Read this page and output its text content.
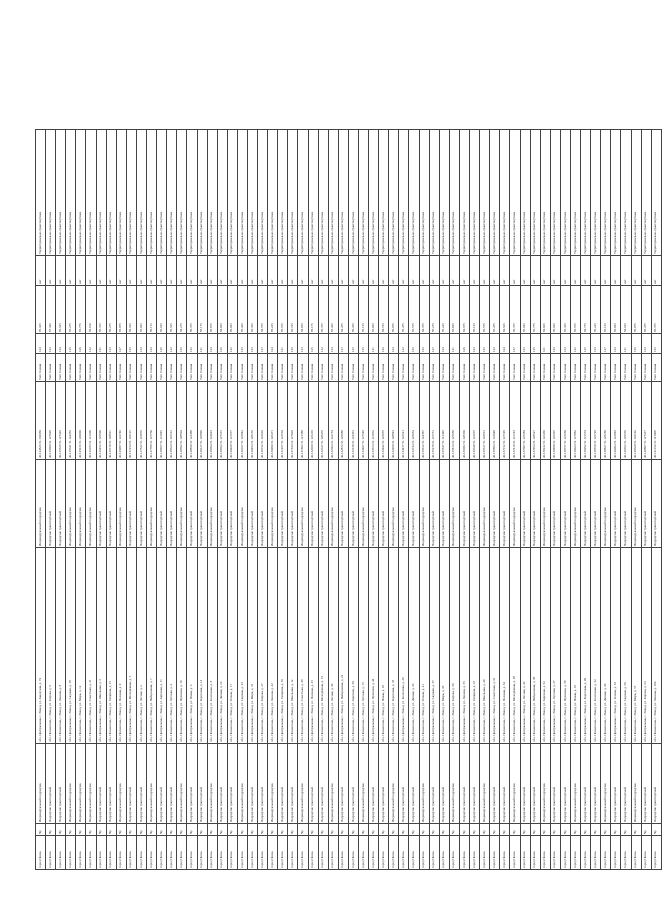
город Пенза	Чр	Индивидуальный подрядчик	обл. Центральная, с. Взвод, ул. Заводская, д. 74	Индивидуальный подрядчик	40.124826 51.136959	Тип: тонная	123	85.325	нет	Территориально-транспортные
город Пенза	Чр	Подрядчик транспортный	обл. Пензенская, с. Взвод, ул. Кирова, д. 6	Подрядчик транспортный	40.125000 51.127020	Тип: тонная	123	87.345	нет	Территориально-транспортные
город Пенза	Чр	Подрядчик транспортный	обл. Пензенская, с. Взвод, ул. Ленина, д. 8	Подрядчик транспортный	40.125526 51.127426	Тип: тонная	124	85.525	нет	Территориально-транспортные
город Пенза	Чр	Индивидуальный подрядчик	обл. Центральная, с. Взвод, ул. Садовая, д. 18	Индивидуальный подрядчик	40.125641 51.124355	Тип: тонная	125	83.275	нет	Территориально-транспортные
город Пенза	Чр	Индивидуальный подрядчик	обл. Пензенская, с. Взвод, ул. Мира, д. 12	Индивидуальный подрядчик	40.125916 51.129000	Тип: тонная	126	83.775	нет	Территориально-транспортные
город Пенза	Чр	Индивидуальный подрядчик	обл. Пензенская, с. Взвод, ул. Советская, д. 21	Индивидуальный подрядчик	40.126183 51.121200	Тип: тонная	122	84.100	нет	Территориально-транспортные
город Пенза	Чр	Подрядчик транспортный	обл. Центральная, с. Взвод, ул. Школьная, д. 3	Подрядчик транспортный	40.126452 51.125500	Тип: тонная	121	85.315	нет	Территориально-транспортные
город Пенза	Чр	Подрядчик транспортный	обл. Пензенская, с. Взвод, ул. Гагарина, д. 15	Подрядчик транспортный	40.126719 51.128011	Тип: тонная	123	86.275	нет	Территориально-транспортные
город Пенза	Чр	Индивидуальный подрядчик	обл. Пензенская, с. Взвод, ул. Полевая, д. 9	Индивидуальный подрядчик	40.126987 51.122740	Тип: тонная	127	83.975	нет	Территориально-транспортные
город Пенза	Чр	Подрядчик транспортный	обл. Центральная, с. Взвод, ул. Молодёжная, д. 5	Подрядчик транспортный	40.127254 51.126115	Тип: тонная	125	84.625	нет	Территориально-транспортные
город Пенза	Чр	Подрядчик транспортный	обл. Пензенская, с. Взвод, ул. Лесная, д. 2	Подрядчик транспортный	40.127522 51.123870	Тип: тонная	123	85.025	нет	Территориально-транспортные
город Пенза	Чр	Индивидуальный подрядчик	обл. Пензенская, с. Взвод, ул. Набережная, д. 7	Индивидуальный подрядчик	40.127789 51.127760	Тип: тонная	124	86.115	нет	Территориально-транспортные
город Пенза	Чр	Подрядчик транспортный	обл. Центральная, с. Взвод, ул. Заречная, д. 11	Подрядчик транспортный	40.128057 51.121945	Тип: тонная	126	83.625	нет	Территориально-транспортные
город Пенза	Чр	Подрядчик транспортный	обл. Пензенская, с. Взвод, ул. Луговая, д. 4	Подрядчик транспортный	40.128324 51.125312	Тип: тонная	122	85.525	нет	Территориально-транспортные
город Пенза	Чр	Индивидуальный подрядчик	обл. Пензенская, с. Взвод, ул. Пушкина, д. 19	Индивидуальный подрядчик	40.128592 51.128604	Тип: тонная	125	84.275	нет	Территориально-транспортные
город Пенза	Чр	Подрядчик транспортный	обл. Центральная, с. Взвод, ул. Новая, д. 6	Подрядчик транспортный	40.128859 51.122488	Тип: тонная	123	86.375	нет	Территориально-транспортные
город Пенза	Чр	Подрядчик транспортный	обл. Пензенская, с. Взвод, ул. Береговая, д. 14	Подрядчик транспортный	40.129127 51.126890	Тип: тонная	121	85.175	нет	Территориально-транспортные
город Пенза	Чр	Индивидуальный подрядчик	обл. Пензенская, с. Взвод, ул. Колхозная, д. 8	Индивидуальный подрядчик	40.129394 51.124023	Тип: тонная	124	83.875	нет	Территориально-транспортные
город Пенза	Чр	Подрядчик транспортный	обл. Центральная, с. Взвод, ул. Дачная, д. 10	Подрядчик транспортный	40.129662 51.127315	Тип: тонная	126	84.925	нет	Территориально-транспортные
город Пенза	Чр	Подрядчик транспортный	обл. Пензенская, с. Взвод, ул. Речная, д. 17	Подрядчик транспортный	40.129929 51.121677	Тип: тонная	122	86.025	нет	Территориально-транспортные
город Пенза	Чр	Индивидуальный подрядчик	обл. Пензенская, с. Взвод, ул. Садовая, д. 23	Индивидуальный подрядчик	40.130197 51.125842	Тип: тонная	125	85.425	нет	Территориально-транспортные
город Пенза	Чр	Подрядчик транспортный	обл. Центральная, с. Взвод, ул. Мира, д. 31	Подрядчик транспортный	40.130464 51.128135	Тип: тонная	123	83.325	нет	Территориально-транспортные
город Пенза	Чр	Подрядчик транспортный	обл. Пензенская, с. Взвод, ул. Кирова, д. 27	Подрядчик транспортный	40.130732 51.122910	Тип: тонная	127	84.575	нет	Территориально-транспортные
город Пенза	Чр	Индивидуальный подрядчик	обл. Пензенская, с. Взвод, ул. Ленина, д. 42	Индивидуальный подрядчик	40.130999 51.126471	Тип: тонная	124	86.225	нет	Территориально-транспортные
город Пенза	Чр	Подрядчик транспортный	обл. Центральная, с. Взвод, ул. Гагарина, д. 36	Подрядчик транспортный	40.131267 51.123564	Тип: тонная	121	85.675	нет	Территориально-транспортные
город Пенза	Чр	Подрядчик транспортный	обл. Пензенская, с. Взвод, ул. Школьная, д. 12	Подрядчик транспортный	40.131534 51.127903	Тип: тонная	126	83.725	нет	Территориально-транспортные
город Пенза	Чр	Индивидуальный подрядчик	обл. Пензенская, с. Взвод, ул. Советская, д. 48	Индивидуальный подрядчик	40.131802 51.121388	Тип: тонная	123	84.825	нет	Территориально-транспортные
город Пенза	Чр	Подрядчик транспортный	обл. Центральная, с. Взвод, ул. Полевая, д. 25	Подрядчик транспортный	40.132069 51.125219	Тип: тонная	125	86.175	нет	Территориально-транспортные
город Пенза	Чр	Подрядчик транспортный	обл. Пензенская, с. Взвод, ул. Молодёжная, д. 16	Подрядчик транспортный	40.132337 51.128476	Тип: тонная	122	85.375	нет	Территориально-транспортные
город Пенза	Чр	Индивидуальный подрядчик	обл. Пензенская, с. Взвод, ул. Лесная, д. 30	Индивидуальный подрядчик	40.132604 51.122154	Тип: тонная	124	83.425	нет	Территориально-транспортные
город Пенза	Чр	Подрядчик транспортный	обл. Центральная, с. Взвод, ул. Набережная, д. 22	Подрядчик транспортный	40.132872 51.126688	Тип: тонная	127	84.475	нет	Территориально-транспортные
город Пенза	Чр	Подрядчик транспортный	обл. Пензенская, с. Взвод, ул. Заречная, д. 39	Подрядчик транспортный	40.133139 51.123301	Тип: тонная	123	86.325	нет	Территориально-транспортные
город Пенза	Чр	Индивидуальный подрядчик	обл. Пензенская, с. Взвод, ул. Луговая, д. 13	Индивидуальный подрядчик	40.133407 51.127549	Тип: тонная	125	85.125	нет	Территориально-транспортные
город Пенза	Чр	Подрядчик транспортный	обл. Центральная, с. Взвод, ул. Пушкина, д. 44	Подрядчик транспортный	40.133674 51.121832	Тип: тонная	121	83.925	нет	Территориально-транспортные
город Пенза	Чр	Подрядчик транспортный	обл. Пензенская, с. Взвод, ул. Новая, д. 18	Подрядчик транспортный	40.133942 51.125976	Тип: тонная	126	84.725	нет	Территориально-транспортные
город Пенза	Чр	Индивидуальный подрядчик	обл. Пензенская, с. Взвод, ул. Береговая, д. 33	Индивидуальный подрядчик	40.134209 51.128843	Тип: тонная	124	86.075	нет	Территориально-транспортные
город Пенза	Чр	Подрядчик транспортный	обл. Центральная, с. Взвод, ул. Колхозная, д. 20	Подрядчик транспортный	40.134477 51.122621	Тип: тонная	122	85.475	нет	Территориально-транспортные
город Пенза	Чр	Подрядчик транспортный	обл. Пензенская, с. Взвод, ул. Дачная, д. 26	Подрядчик транспортный	40.134744 51.126054	Тип: тонная	125	83.575	нет	Территориально-транспортные
город Пенза	Чр	Индивидуальный подрядчик	обл. Пензенская, с. Взвод, ул. Речная, д. 41	Индивидуальный подрядчик	40.135012 51.124387	Тип: тонная	123	84.375	нет	Территориально-транспортные
город Пенза	Чр	Подрядчик транспортный	обл. Центральная, с. Взвод, ул. Садовая, д. 37	Подрядчик транспортный	40.135279 51.127731	Тип: тонная	127	86.275	нет	Территориально-транспортные
город Пенза	Чр	Подрядчик транспортный	обл. Пензенская, с. Взвод, ул. Мира, д. 45	Подрядчик транспортный	40.135547 51.121496	Тип: тонная	124	85.225	нет	Территориально-транспортные
город Пенза	Чр	Индивидуальный подрядчик	обл. Пензенская, с. Взвод, ул. Кирова, д. 50	Индивидуальный подрядчик	40.135814 51.125658	Тип: тонная	121	83.825	нет	Территориально-транспортные
город Пенза	Чр	Подрядчик транспортный	обл. Центральная, с. Взвод, ул. Ленина, д. 55	Подрядчик транспортный	40.136082 51.128369	Тип: тонная	126	84.675	нет	Территориально-транспортные
город Пенза	Чр	Подрядчик транспортный	обл. Пензенская, с. Взвод, ул. Гагарина, д. 47	Подрядчик транспортный	40.136349 51.122075	Тип: тонная	123	86.125	нет	Территориально-транспортные
город Пенза	Чр	Индивидуальный подрядчик	обл. Пензенская, с. Взвод, ул. Школьная, д. 29	Индивидуальный подрядчик	40.136617 51.126812	Тип: тонная	125	85.575	нет	Территориально-транспортные
город Пенза	Чр	Подрядчик транспортный	обл. Центральная, с. Взвод, ул. Советская, д. 61	Подрядчик транспортный	40.136884 51.123948	Тип: тонная	122	83.475	нет	Территориально-транспортные
город Пенза	Чр	Подрядчик транспортный	обл. Пензенская, с. Взвод, ул. Полевая, д. 34	Подрядчик транспортный	40.137152 51.127195	Тип: тонная	124	84.525	нет	Территориально-транспортные
город Пенза	Чр	Индивидуальный подрядчик	обл. Пензенская, с. Взвод, ул. Молодёжная, д. 28	Индивидуальный подрядчик	40.137419 51.121743	Тип: тонная	127	86.375	нет	Территориально-транспортные
город Пенза	Чр	Подрядчик транспортный	обл. Центральная, с. Взвод, ул. Лесная, д. 43	Подрядчик транспортный	40.137687 51.125384	Тип: тонная	123	85.025	нет	Территориально-транспортные
город Пенза	Чр	Подрядчик транспортный	обл. Пензенская, с. Взвод, ул. Набережная, д. 38	Подрядчик транспортный	40.137954 51.128627	Тип: тонная	125	83.775	нет	Территориально-транспортные
город Пенза	Чр	Индивидуальный подрядчик	обл. Пензенская, с. Взвод, ул. Заречная, д. 52	Индивидуальный подрядчик	40.138222 51.122466	Тип: тонная	121	84.925	нет	Территориально-транспортные
город Пенза	Чр	Подрядчик транспортный	обл. Центральная, с. Взвод, ул. Луговая, д. 27	Подрядчик транспортный	40.138489 51.126207	Тип: тонная	126	86.025	нет	Территориально-транспортные
город Пенза	Чр	Подрядчик транспортный	обл. Пензенская, с. Взвод, ул. Пушкина, д. 58	Подрядчик транспортный	40.138757 51.123659	Тип: тонная	124	85.325	нет	Территориально-транспортные
город Пенза	Чр	Индивидуальный подрядчик	обл. Пензенская, с. Взвод, ул. Новая, д. 35	Индивидуальный подрядчик	40.139024 51.127982	Тип: тонная	122	83.675	нет	Территориально-транспортные
город Пенза	Чр	Подрядчик транспортный	обл. Центральная, с. Взвод, ул. Береговая, д. 49	Подрядчик транспортный	40.139292 51.121574	Тип: тонная	125	84.775	нет	Территориально-транспортные
город Пенза	Чр	Подрядчик транспортный	обл. Пензенская, с. Взвод, ул. Колхозная, д. 32	Подрядчик транспортный	40.139559 51.125729	Тип: тонная	123	86.225	нет	Территориально-транспортные
город Пенза	Чр	Индивидуальный подрядчик	обл. Пензенская, с. Взвод, ул. Дачная, д. 46	Индивидуальный подрядчик	40.139827 51.128258	Тип: тонная	127	85.125	нет	Территориально-транспортные
город Пенза	Чр	Подрядчик транспортный	обл. Центральная, с. Взвод, ул. Речная, д. 53	Подрядчик транспортный	40.140094 51.122893	Тип: тонная	124	83.925	нет	Территориально-транспортные
город Пенза	Чр	Подрядчик транспортный	обл. Пензенская, с. Взвод, ул. Садовая, д. 60	Подрядчик транспортный	40.140362 51.126536	Тип: тонная	121	84.625	нет	Территориально-транспортные
город Пенза	Чр	Индивидуальный подрядчик	обл. Пензенская, с. Взвод, ул. Мира, д. 57	Индивидуальный подрядчик	40.140629 51.124102	Тип: тонная	126	86.075	нет	Территориально-транспортные
город Пенза	Чр	Подрядчик транспортный	обл. Центральная, с. Взвод, ул. Кирова, д. 64	Подрядчик транспортный	40.140897 51.127417	Тип: тонная	123	85.475	нет	Территориально-транспортные
город Пенза	Чр	Подрядчик транспортный	обл. Пензенская, с. Взвод, ул. Ленина, д. 104	Подрядчик транспортный	40.141164 51.121908	Тип: тонная	125	83.375	нет	Территориально-транспортные
